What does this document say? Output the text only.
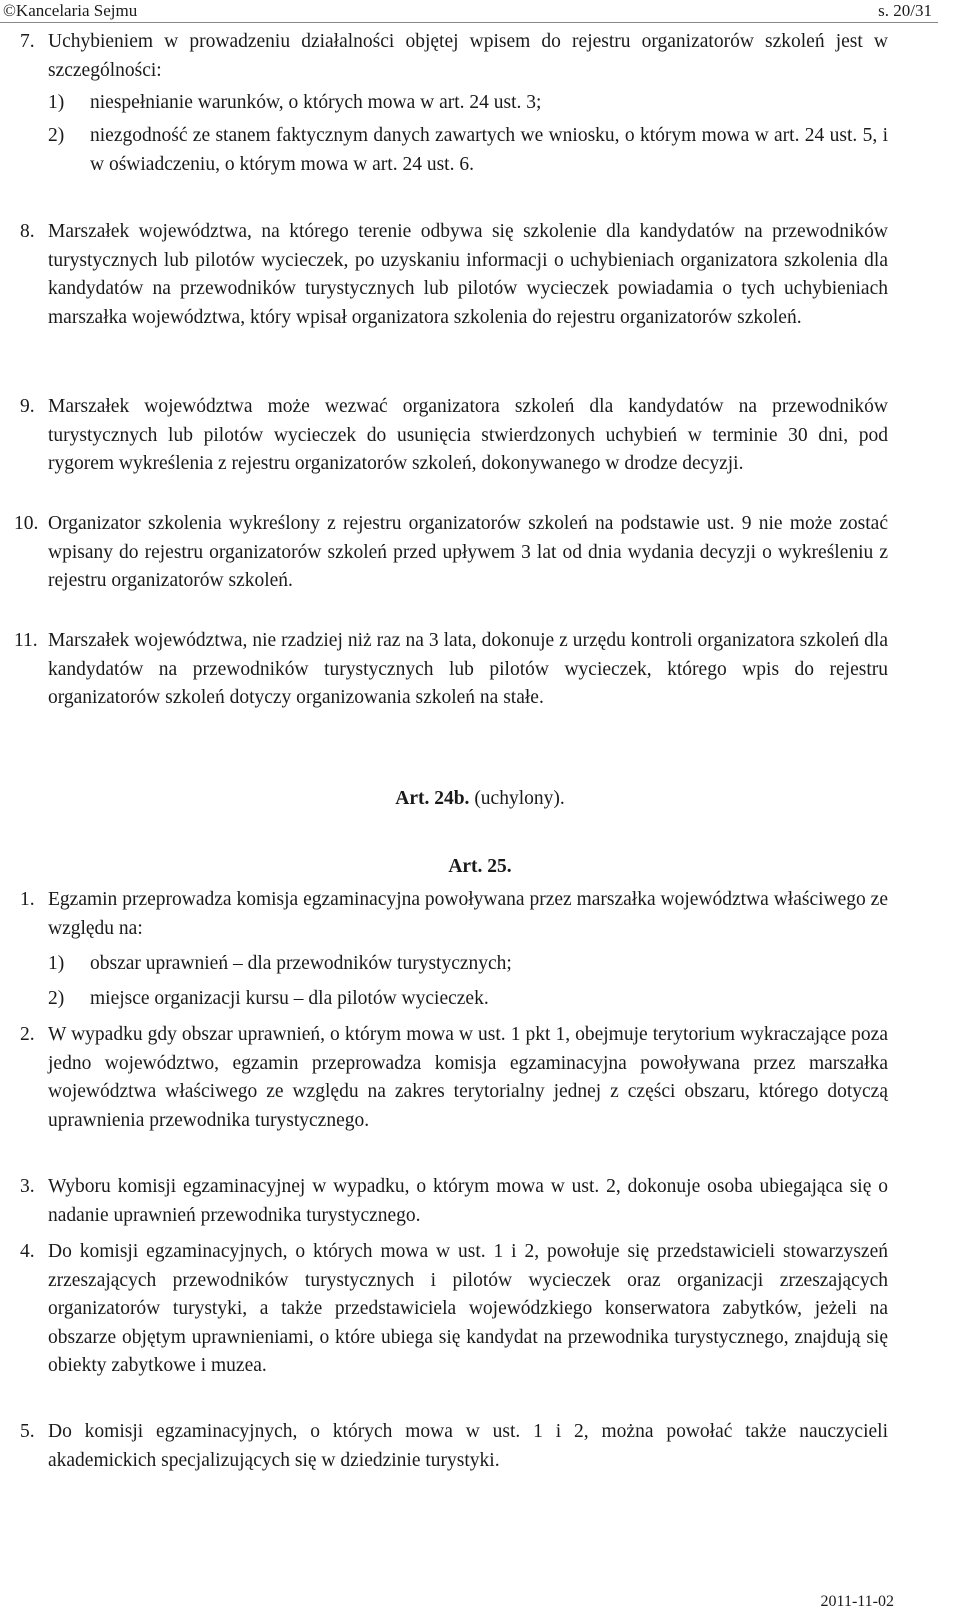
©Kancelaria Sejmu	s. 20/31
7. Uchybieniem w prowadzeniu działalności objętej wpisem do rejestru organizatorów szkoleń jest w szczególności:

1) niespełnianie warunków, o których mowa w art. 24 ust. 3;

2) niezgodność ze stanem faktycznym danych zawartych we wniosku, o którym mowa w art. 24 ust. 5, i w oświadczeniu, o którym mowa w art. 24 ust. 6.

8. Marszałek województwa, na którego terenie odbywa się szkolenie dla kandydatów na przewodników turystycznych lub pilotów wycieczek, po uzyskaniu informacji o uchybieniach organizatora szkolenia dla kandydatów na przewodników turystycznych lub pilotów wycieczek powiadamia o tych uchybieniach marszałka województwa, który wpisał organizatora szkolenia do rejestru organizatorów szkoleń.

9. Marszałek województwa może wezwać organizatora szkoleń dla kandydatów na przewodników turystycznych lub pilotów wycieczek do usunięcia stwierdzonych uchybień w terminie 30 dni, pod rygorem wykreślenia z rejestru organizatorów szkoleń, dokonywanego w drodze decyzji.

10. Organizator szkolenia wykreślony z rejestru organizatorów szkoleń na podstawie ust. 9 nie może zostać wpisany do rejestru organizatorów szkoleń przed upływem 3 lat od dnia wydania decyzji o wykreśleniu z rejestru organizatorów szkoleń.

11. Marszałek województwa, nie rzadziej niż raz na 3 lata, dokonuje z urzędu kontroli organizatora szkoleń dla kandydatów na przewodników turystycznych lub pilotów wycieczek, którego wpis do rejestru organizatorów szkoleń dotyczy organizowania szkoleń na stałe.

Art. 24b. (uchylony).
Art. 25.
1. Egzamin przeprowadza komisja egzaminacyjna powoływana przez marszałka województwa właściwego ze względu na:

1) obszar uprawnień – dla przewodników turystycznych;

2) miejsce organizacji kursu – dla pilotów wycieczek.

2. W wypadku gdy obszar uprawnień, o którym mowa w ust. 1 pkt 1, obejmuje terytorium wykraczające poza jedno województwo, egzamin przeprowadza komisja egzaminacyjna powoływana przez marszałka województwa właściwego ze względu na zakres terytorialny jednej z części obszaru, którego dotyczą uprawnienia przewodnika turystycznego.

3. Wyboru komisji egzaminacyjnej w wypadku, o którym mowa w ust. 2, dokonuje osoba ubiegająca się o nadanie uprawnień przewodnika turystycznego.

4. Do komisji egzaminacyjnych, o których mowa w ust. 1 i 2, powołuje się przedstawicieli stowarzyszeń zrzeszających przewodników turystycznych i pilotów wycieczek oraz organizacji zrzeszających organizatorów turystyki, a także przedstawiciela wojewódzkiego konserwatora zabytków, jeżeli na obszarze objętym uprawnieniami, o które ubiega się kandydat na przewodnika turystycznego, znajdują się obiekty zabytkowe i muzea.

5. Do komisji egzaminacyjnych, o których mowa w ust. 1 i 2, można powołać także nauczycieli akademickich specjalizujących się w dziedzinie turystyki.

2011-11-02
